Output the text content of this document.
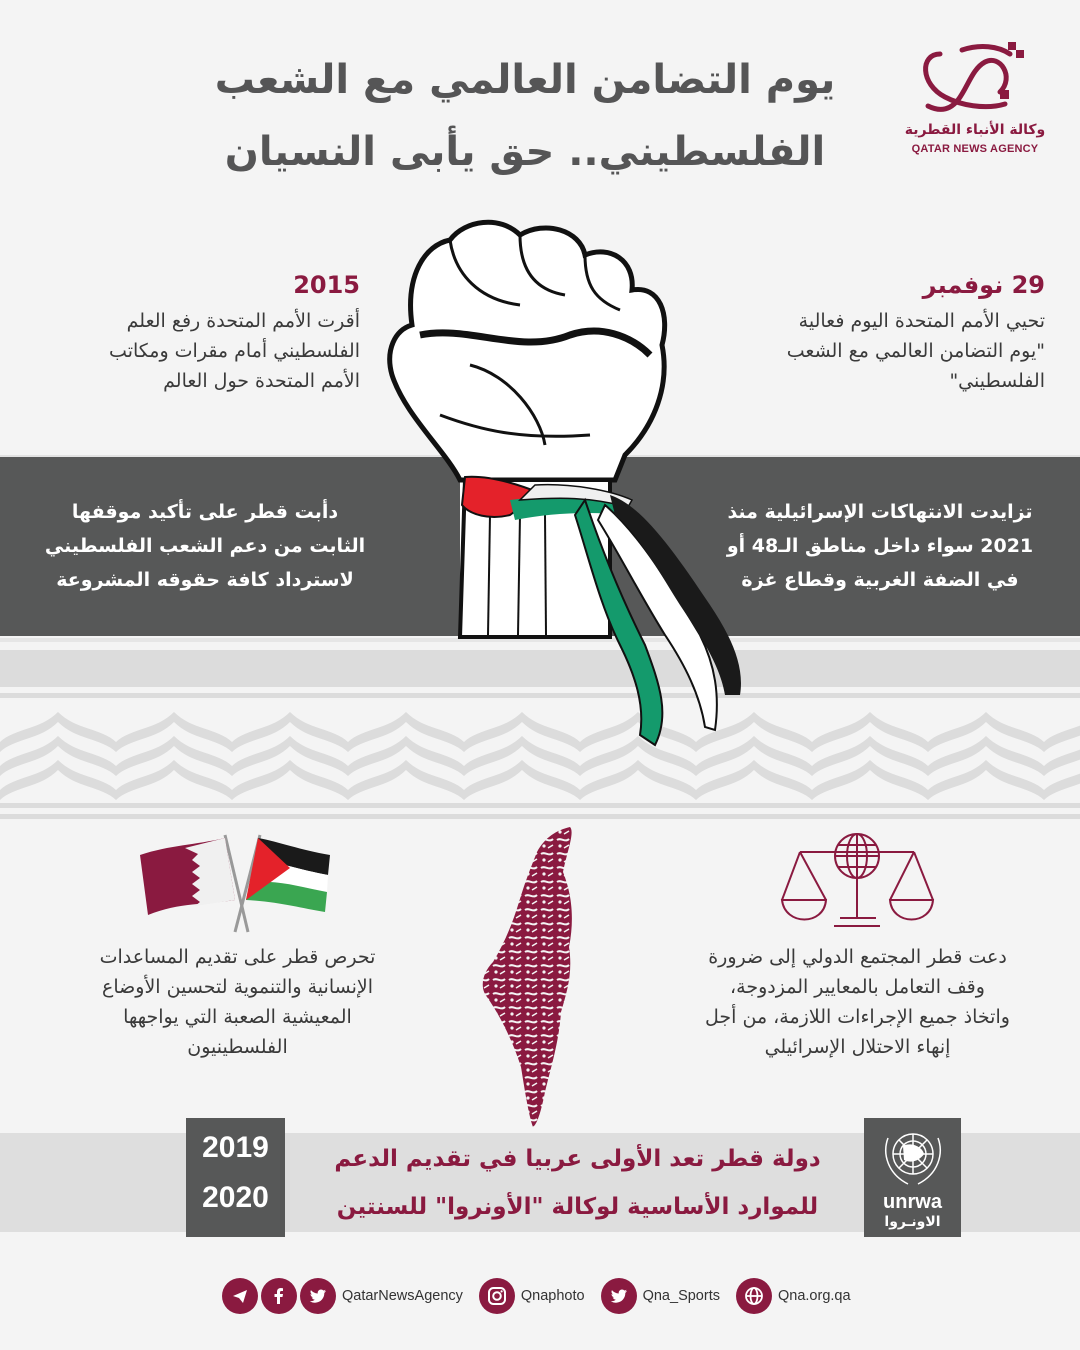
يوم التضامن العالمي مع الشعب
الفلسطيني.. حق يأبى النسيان	وكالة الأنباء القطرية
QATAR NEWS AGENCY
29 نوفمبر
تحيي الأمم المتحدة اليوم فعالية
"يوم التضامن العالمي مع الشعب
الفلسطيني"
2015
أقرت الأمم المتحدة رفع العلم
الفلسطيني أمام مقرات ومكاتب
الأمم المتحدة حول العالم
تزايدت الانتهاكات الإسرائيلية منذ
2021 سواء داخل مناطق الـ48 أو
في الضفة الغربية وقطاع غزة
دأبت قطر على تأكيد موقفها
الثابت من دعم الشعب الفلسطيني
لاسترداد كافة حقوقه المشروعة
تحرص قطر على تقديم المساعدات
الإنسانية والتنموية لتحسين الأوضاع
المعيشية الصعبة التي يواجهها
الفلسطينيون
دعت قطر المجتمع الدولي إلى ضرورة
وقف التعامل بالمعايير المزدوجة،
واتخاذ جميع الإجراءات اللازمة، من أجل
إنهاء الاحتلال الإسرائيلي
2019
2020
دولة قطر تعد الأولى عربيا في تقديم الدعم
للموارد الأساسية لوكالة "الأونروا" للسنتين	unrwa
الاونـروا
QatarNewsAgency	Qnaphoto	Qna_Sports	Qna.org.qa
